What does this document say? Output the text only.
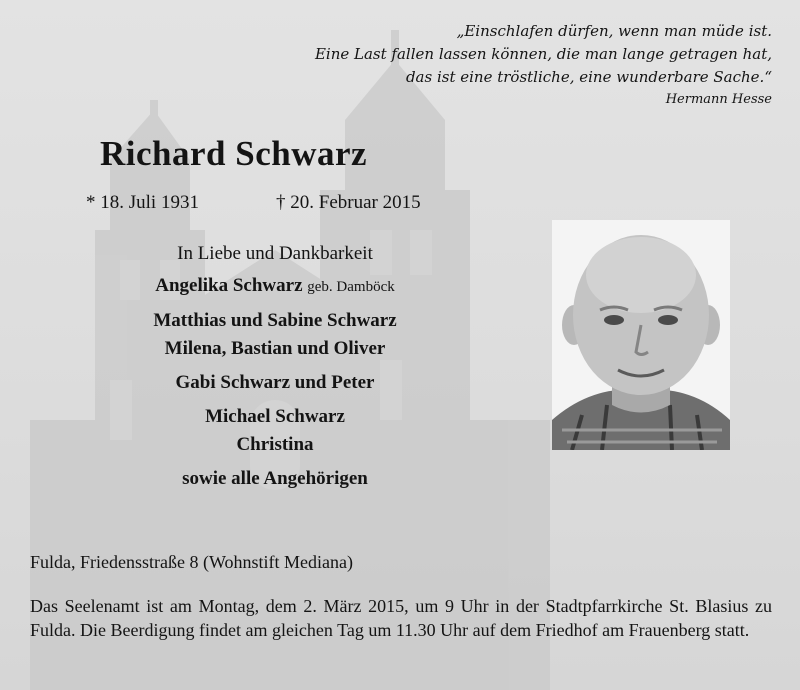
„Einschlafen dürfen, wenn man müde ist.
Eine Last fallen lassen können, die man lange getragen hat,
das ist eine tröstliche, eine wunderbare Sache.“
Hermann Hesse
Richard Schwarz
* 18. Juli 1931	† 20. Februar 2015
In Liebe und Dankbarkeit
Angelika Schwarz geb. Damböck
Matthias und Sabine Schwarz
Milena, Bastian und Oliver
Gabi Schwarz und Peter
Michael Schwarz
Christina
sowie alle Angehörigen
Fulda, Friedensstraße 8 (Wohnstift Mediana)
Das Seelenamt ist am Montag, dem 2. März 2015, um 9 Uhr in der Stadtpfarrkirche St. Blasius zu Fulda. Die Beerdigung findet am gleichen Tag um 11.30 Uhr auf dem Friedhof am Frauenberg statt.
